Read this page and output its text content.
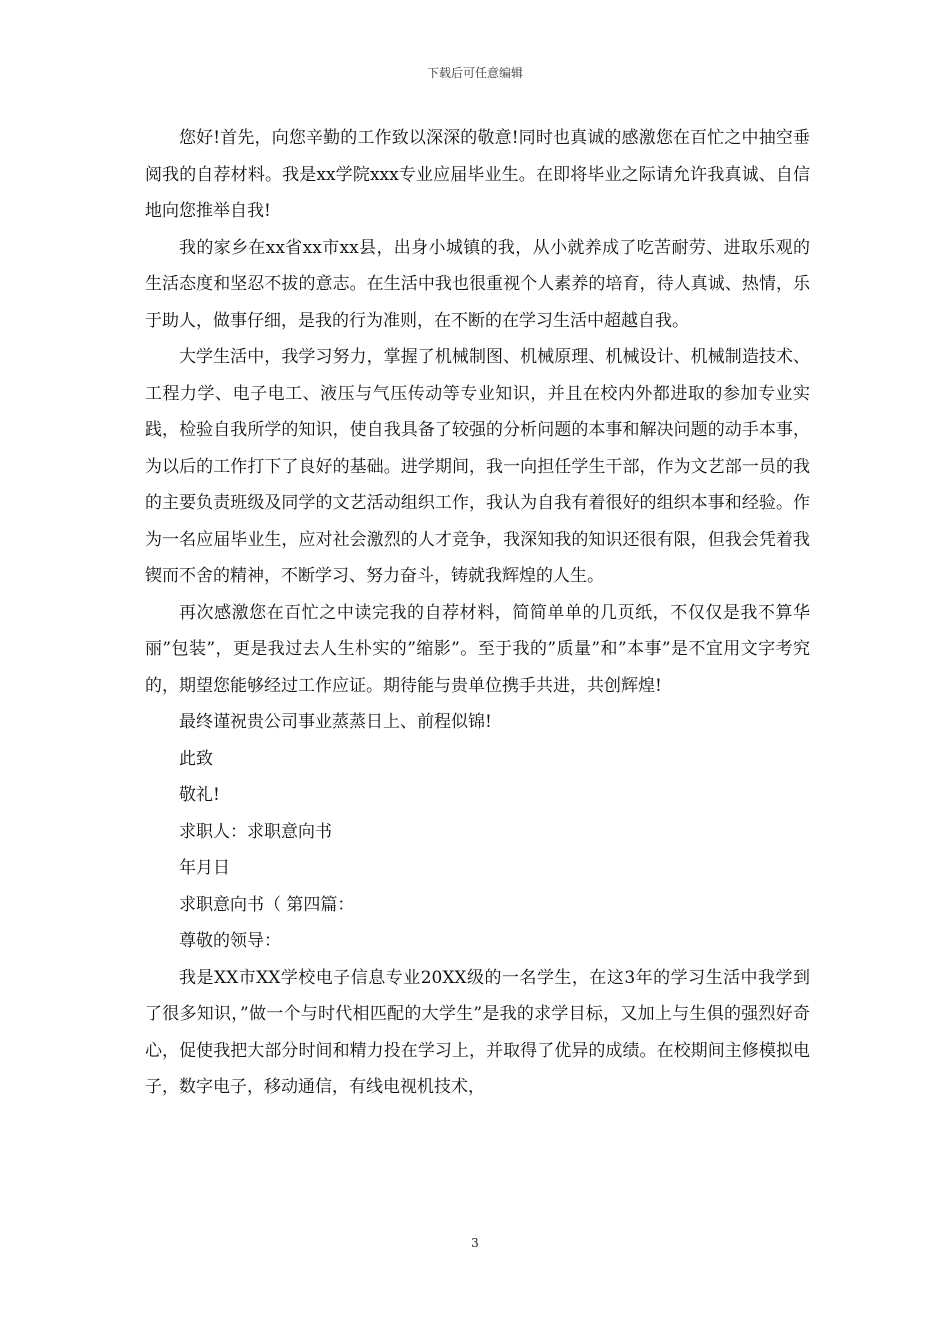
下载后可任意编辑

您好!首先，向您辛勤的工作致以深深的敬意!同时也真诚的感激您在百忙之中抽空垂阅我的自荐材料。我是xx学院xxx专业应届毕业生。在即将毕业之际请允许我真诚、自信地向您推举自我!

我的家乡在xx省xx市xx县，出身小城镇的我，从小就养成了吃苦耐劳、进取乐观的生活态度和坚忍不拔的意志。在生活中我也很重视个人素养的培育，待人真诚、热情，乐于助人，做事仔细，是我的行为准则，在不断的在学习生活中超越自我。

大学生活中，我学习努力，掌握了机械制图、机械原理、机械设计、机械制造技术、工程力学、电子电工、液压与气压传动等专业知识，并且在校内外都进取的参加专业实践，检验自我所学的知识，使自我具备了较强的分析问题的本事和解决问题的动手本事，为以后的工作打下了良好的基础。进学期间，我一向担任学生干部，作为文艺部一员的我的主要负责班级及同学的文艺活动组织工作，我认为自我有着很好的组织本事和经验。作为一名应届毕业生，应对社会激烈的人才竞争，我深知我的知识还很有限，但我会凭着我锲而不舍的精神，不断学习、努力奋斗，铸就我辉煌的人生。

再次感激您在百忙之中读完我的自荐材料，简简单单的几页纸，不仅仅是我不算华丽”包装”，更是我过去人生朴实的”缩影”。至于我的”质量”和”本事”是不宜用文字考究的，期望您能够经过工作应证。期待能与贵单位携手共进，共创辉煌!

最终谨祝贵公司事业蒸蒸日上、前程似锦!

此致

敬礼!

求职人：求职意向书

年月日

求职意向书（ 第四篇：

尊敬的领导：

我是XX市XX学校电子信息专业20XX级的一名学生，在这3年的学习生活中我学到了很多知识，”做一个与时代相匹配的大学生”是我的求学目标，又加上与生俱的强烈好奇心，促使我把大部分时间和精力投在学习上，并取得了优异的成绩。在校期间主修模拟电子，数字电子，移动通信，有线电视机技术，

3
